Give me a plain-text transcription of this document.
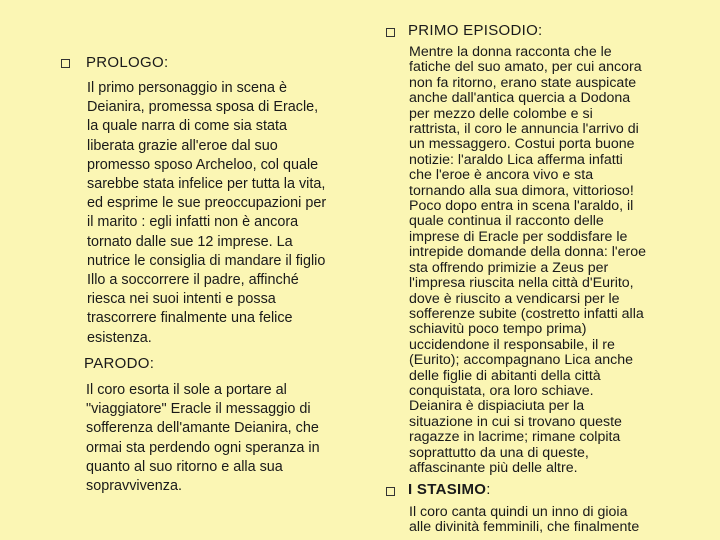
PROLOGO:

Il primo personaggio in scena è
Deianira, promessa sposa di Eracle,
la quale narra di come sia stata
liberata grazie all'eroe dal suo
promesso sposo Archeloo, col quale
sarebbe stata infelice per tutta la vita,
ed esprime le sue preoccupazioni per
il marito : egli infatti non è ancora
tornato dalle sue 12 imprese. La
nutrice le consiglia di mandare il figlio
Illo a soccorrere il padre, affinché
riesca nei suoi intenti e possa
trascorrere finalmente una felice
esistenza.

PARODO:

Il coro esorta il sole a portare al
"viaggiatore" Eracle il messaggio di
sofferenza dell'amante Deianira, che
ormai sta perdendo ogni speranza in
quanto al suo ritorno e alla sua
sopravvivenza.

PRIMO EPISODIO:

Mentre la donna racconta che le
fatiche del suo amato, per cui ancora
non fa ritorno, erano state auspicate
anche dall'antica quercia a Dodona
per mezzo delle colombe e si
rattrista, il coro le annuncia l'arrivo di
un messaggero. Costui porta buone
notizie: l'araldo Lica afferma infatti
che l'eroe è ancora vivo e sta
tornando alla sua dimora, vittorioso!
Poco dopo entra in scena l'araldo, il
quale continua il racconto delle
imprese di Eracle per soddisfare le
intrepide domande della donna: l'eroe
sta offrendo primizie a Zeus per
l'impresa riuscita nella città d'Eurito,
dove è riuscito a vendicarsi per le
sofferenze subite (costretto infatti alla
schiavitù poco tempo prima)
uccidendone il responsabile, il re
(Eurito); accompagnano Lica anche
delle figlie di abitanti della città
conquistata, ora loro schiave.
Deianira è dispiaciuta per la
situazione in cui si trovano queste
ragazze in lacrime; rimane colpita
soprattutto da una di queste,
affascinante più delle altre.

I STASIMO:

Il coro canta quindi un inno di gioia
alle divinità femminili, che finalmente
